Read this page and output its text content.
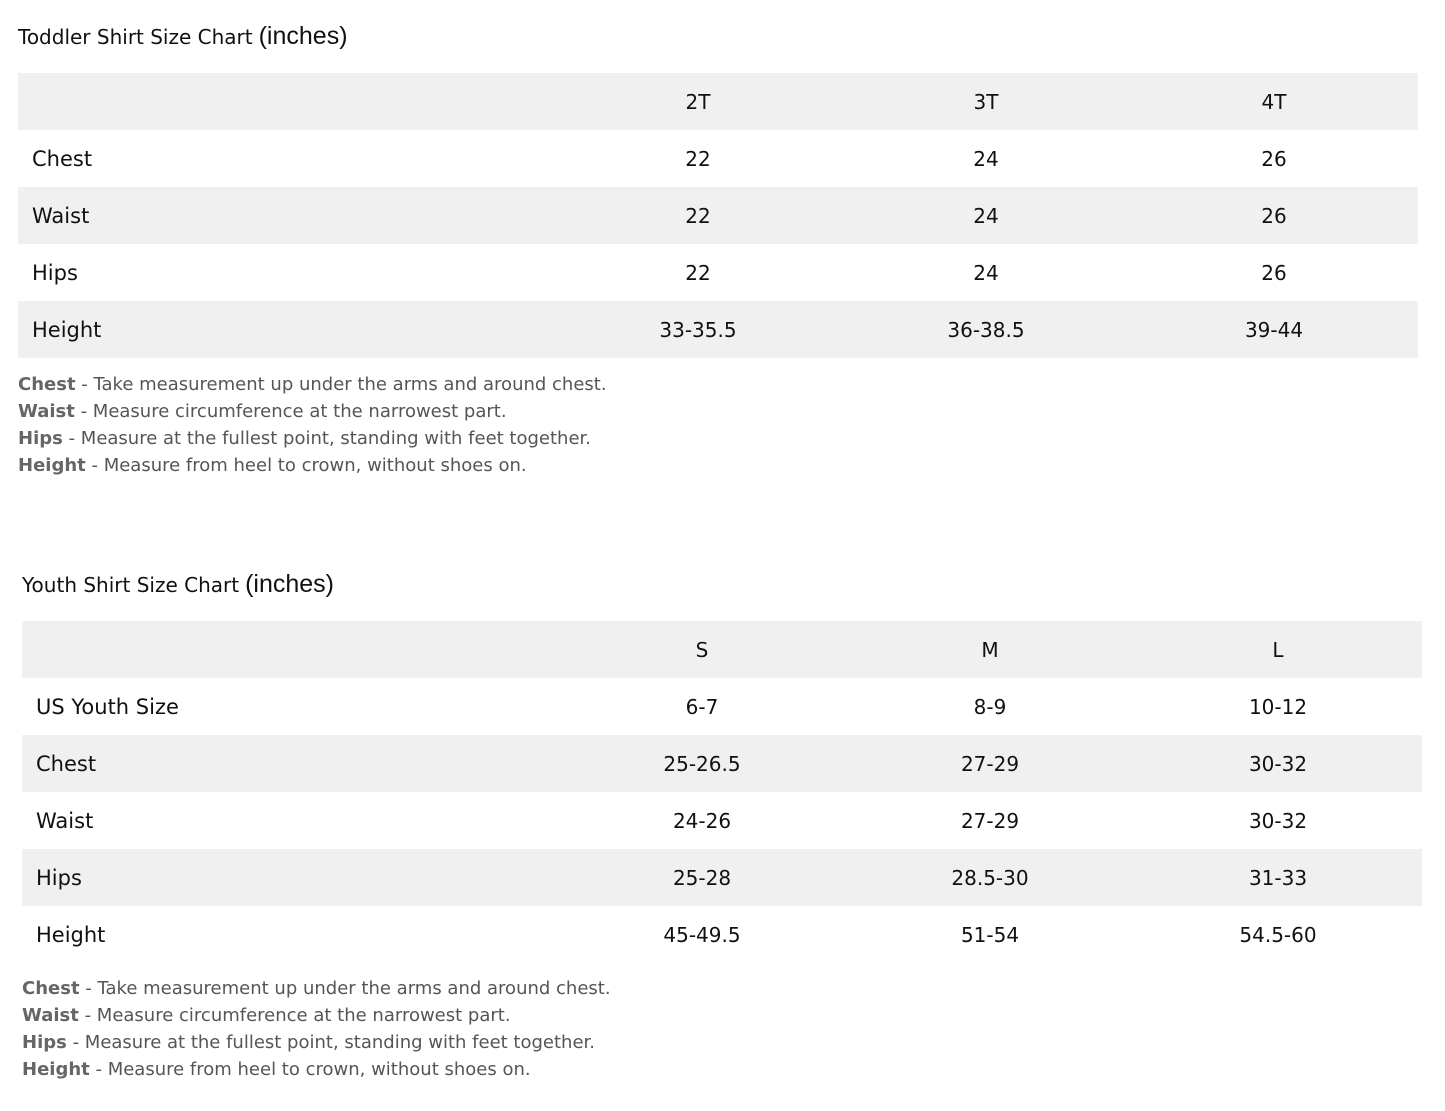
Toddler Shirt Size Chart (inches)
	2T	3T	4T
Chest	22	24	26
Waist	22	24	26
Hips	22	24	26
Height	33-35.5	36-38.5	39-44
Chest - Take measurement up under the arms and around chest.
Waist - Measure circumference at the narrowest part.
Hips - Measure at the fullest point, standing with feet together.
Height - Measure from heel to crown, without shoes on.
Youth Shirt Size Chart (inches)
	S	M	L
US Youth Size	6-7	8-9	10-12
Chest	25-26.5	27-29	30-32
Waist	24-26	27-29	30-32
Hips	25-28	28.5-30	31-33
Height	45-49.5	51-54	54.5-60
Chest - Take measurement up under the arms and around chest.
Waist - Measure circumference at the narrowest part.
Hips - Measure at the fullest point, standing with feet together.
Height - Measure from heel to crown, without shoes on.
